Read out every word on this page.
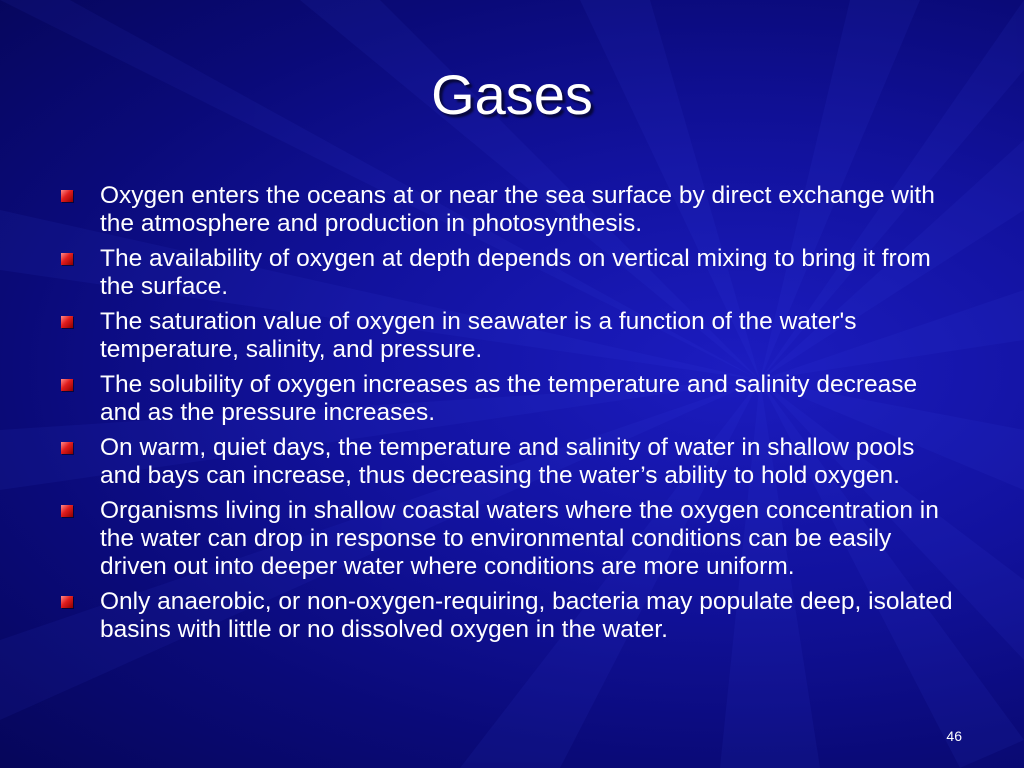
Gases
Oxygen enters the oceans at or near the sea surface by direct exchange with the atmosphere and production in photosynthesis.
The availability of oxygen at depth depends on vertical mixing to bring it from the surface.
The saturation value of oxygen in seawater is a function of the water's temperature, salinity, and pressure.
The solubility of oxygen increases as the temperature and salinity decrease and as the pressure increases.
On warm, quiet days, the temperature and salinity of water in shallow pools and bays can increase, thus decreasing the water’s ability to hold oxygen.
Organisms living in shallow coastal waters where the oxygen concentration in the water can drop in response to environmental conditions can be easily driven out into deeper water where conditions are more uniform.
Only anaerobic, or non-oxygen-requiring, bacteria may populate deep, isolated basins with little or no dissolved oxygen in the water.
46
